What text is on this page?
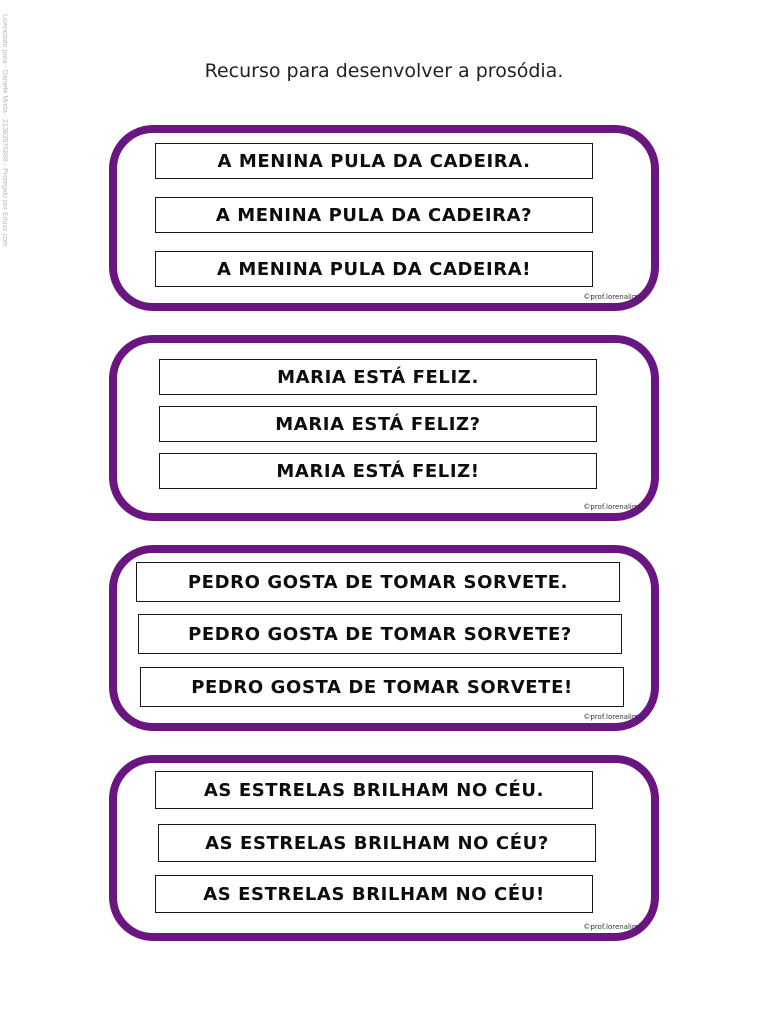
Licenciado para - Daniele Moda - 21383576888 - Protegido por Eduzz.com	Recurso para desenvolver a prosódia.
A MENINA PULA DA CADEIRA.
A MENINA PULA DA CADEIRA?
A MENINA PULA DA CADEIRA!
©prof.lorenalima
MARIA ESTÁ FELIZ.
MARIA ESTÁ FELIZ?
MARIA ESTÁ FELIZ!
©prof.lorenalima
PEDRO GOSTA DE TOMAR SORVETE.
PEDRO GOSTA DE TOMAR SORVETE?
PEDRO GOSTA DE TOMAR SORVETE!
©prof.lorenalima
AS ESTRELAS BRILHAM NO CÉU.
AS ESTRELAS BRILHAM NO CÉU?
AS ESTRELAS BRILHAM NO CÉU!
©prof.lorenalima
